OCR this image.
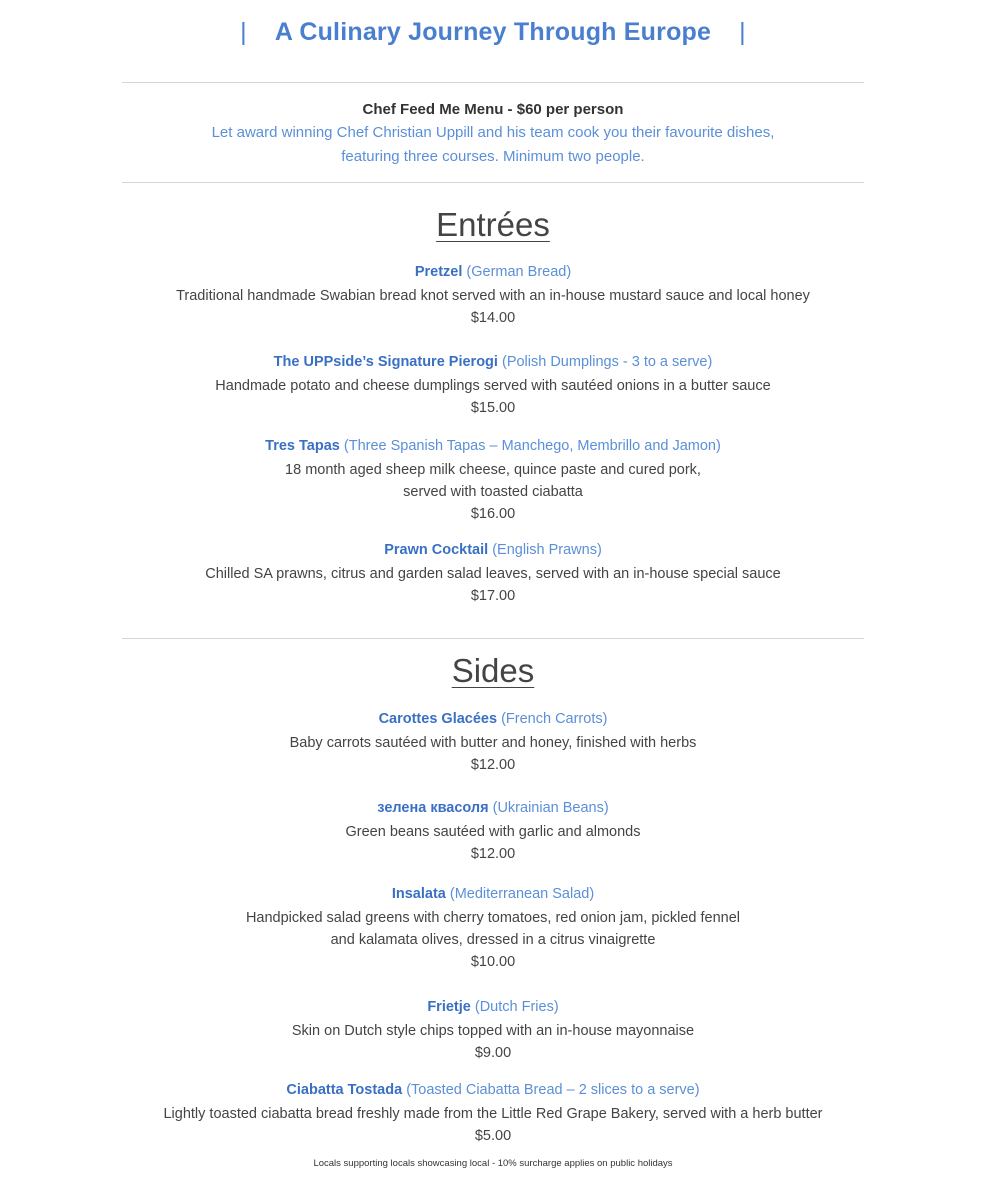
| A Culinary Journey Through Europe |
Chef Feed Me Menu - $60 per person
Let award winning Chef Christian Uppill and his team cook you their favourite dishes,
featuring three courses. Minimum two people.
Entrées
Pretzel (German Bread)
Traditional handmade Swabian bread knot served with an in-house mustard sauce and local honey
$14.00
The UPPside’s Signature Pierogi (Polish Dumplings - 3 to a serve)
Handmade potato and cheese dumplings served with sautéed onions in a butter sauce
$15.00
Tres Tapas (Three Spanish Tapas – Manchego, Membrillo and Jamon)
18 month aged sheep milk cheese, quince paste and cured pork,
served with toasted ciabatta
$16.00
Prawn Cocktail (English Prawns)
Chilled SA prawns, citrus and garden salad leaves, served with an in-house special sauce
$17.00
Sides
Carottes Glacées (French Carrots)
Baby carrots sautéed with butter and honey, finished with herbs
$12.00
зелена квасоля (Ukrainian Beans)
Green beans sautéed with garlic and almonds
$12.00
Insalata (Mediterranean Salad)
Handpicked salad greens with cherry tomatoes, red onion jam, pickled fennel
and kalamata olives, dressed in a citrus vinaigrette
$10.00
Frietje (Dutch Fries)
Skin on Dutch style chips topped with an in-house mayonnaise
$9.00
Ciabatta Tostada (Toasted Ciabatta Bread – 2 slices to a serve)
Lightly toasted ciabatta bread freshly made from the Little Red Grape Bakery, served with a herb butter
$5.00
Locals supporting locals showcasing local - 10% surcharge applies on public holidays
